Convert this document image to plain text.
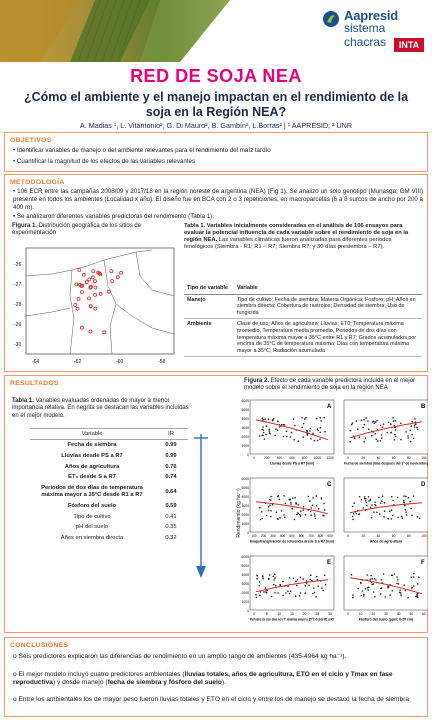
Aapresid
sistema chacras	INTA
RED DE SOJA NEA
¿Cómo el ambiente y el manejo impactan en el rendimiento de la soja en la Región NEA?
A. Madias ¹, L. Vitantonio², G. Di Mauro², B. Gambín², L.Borras² | ¹ AAPRESID; ² UNR
OBJETIVOS
• Identificar variables de manejo o del ambiente relevantes para el rendimiento del maíz tardío
• Cuantificar la magnitud de los efectos de las variables relevantes
METODOLOGÍA
• 106 ECR entre las campañas 2008/09 y 2017/18 en la región noreste de argentina (NEA) (Fig 1). Se analizo un solo genotipo (Munasqa; GM VIII) presente en todos los ambientes (Localidad x año). El diseño fue en BCA con 2 o 3 repeticiones, en macroparcelas (6 a 8 surcos de ancho por 200 a 400 m).
• Se analizaron diferentes variables predictoras del rendimiento (Tabla 1).
Figura 1. Distribución geográfica de los sitios de experimentación
-26
-27
-28
-29
-30
-64	-62	-60	-58
Tabla 1. Variables inicialmente consideradas en el análisis de 106 ensayos para evaluar la potencial influencia de cada variable sobre el rendimiento de soja en la región NEA. Las variables climáticas fueron analizadas para diferentes periodos fenológicos (Siembra - R1; R1 – R7; Siembra R7; y 30 días presiembra – R7).
Tipo de variable	Variable
Manejo	Tipo de cultivo; Fecha de siembra; Materia Orgánica; Fosforo; pH; Años en siembra directa; Cobertura de rastrojos; Densidad de siembra; Uso de fungicida
Ambiente	Clase de uso; Años de agricultura; Lluvias; ET0; Temperatura máxima promedio, Temperatura media promedio, Periodos de dos días con temperatura máxima mayor a 35°C entre R1 y R7; Grados acumulados por encima de 35°C de temperatura máxima; Días con temperatura máxima mayor a 35°C; Radiación acumulada
RESULTADOS
Tabla 1. Variables evaluadas ordenadas de mayor a menor importancia relativa. En negrita se destacan las variables incluidas en el mejor modelo.
Variable	IR
Fecha de siembra	0.99
Lluvias desde PS a R7	0.99
Años de agricultura	0.76
ET₀ desde S a R7	0.74
Periodos de dos días de temperatura máxima mayor a 35°C desde R1 a R7	0.64
Fósforo del suelo	0.59
Tipo de cultivo	0.41
pH del suelo	0.35
Años en siembra directa	0.32
Figura 2. Efecto de cada variable predictora incluida en el mejor modelo sobre el rendimiento de soja en la región NEA
Rendimiento (kg ha⁻¹)
6000
5000
4000
3000
2000
1000
0
0	200 400 600 800 1000 1200
Lluvias desde PS a R7 (mm)
A
0	20	40	60	80	100
Fecha de siembra (días después del 1° de noviembre)
B
6000
5000
4000
3000
2000
1000
0
100 200 300 400 500 600 700 800 900
Evapotranspiración de referencia desde S a R7 (mm)
C
0	20	40	60	80	100
Años de agricultura
D
6000
5000
4000
3000
2000
1000
0
0	5	10	15	20	25	30
Periodos de dos días con T° máxima mayor a 35°C desde R1 a R7
E
0	10	20	30	40	50	60
Fósforo del suelo (ppm; 0-20 cm)
F
CONCLUSIONES
o Seis predictores explicaron las diferencias de rendimiento en un amplio rango de ambientes (435-4964 kg ha⁻¹).
o El mejor modelo incluyó cuatro predictores ambientales (lluvias totales, años de agricultura, ETO en el ciclo y Tmax en fase reproductiva) y dosde manejo (fecha de siembra y fósforo del suelo).
o Entre los ambientales los de mayor peso fueron lluvias totales y ETO en el ciclo y entre los de manejo se destacó la fecha de siembra
